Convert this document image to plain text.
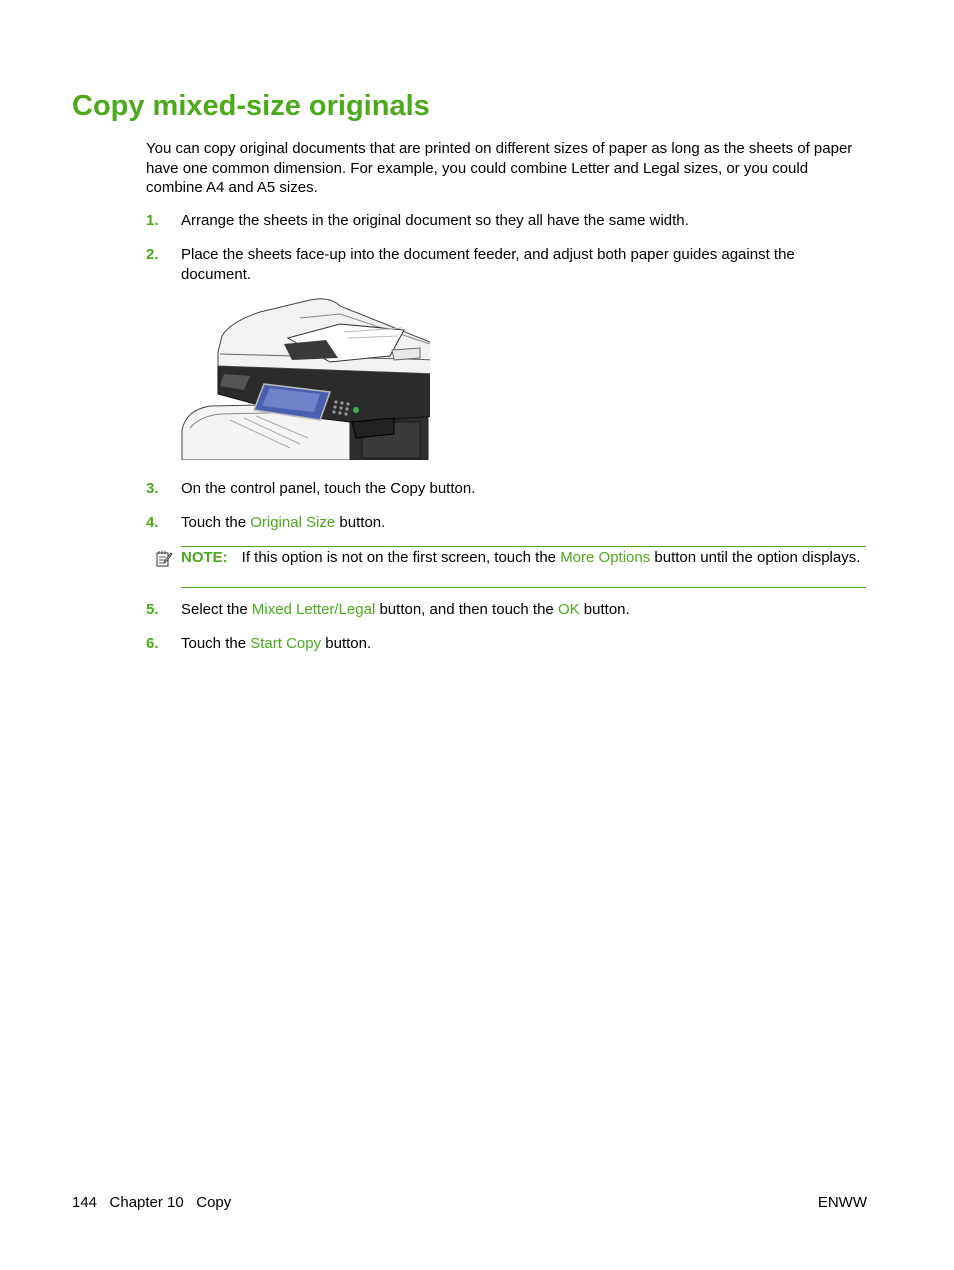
Copy mixed-size originals
You can copy original documents that are printed on different sizes of paper as long as the sheets of paper have one common dimension. For example, you could combine Letter and Legal sizes, or you could combine A4 and A5 sizes.
1.	Arrange the sheets in the original document so they all have the same width.
2.	Place the sheets face-up into the document feeder, and adjust both paper guides against the document.
3.	On the control panel, touch the Copy button.
4.	Touch the Original Size button.
NOTE: If this option is not on the first screen, touch the More Options button until the option displays.
5.	Select the Mixed Letter/Legal button, and then touch the OK button.
6.	Touch the Start Copy button.
144   Chapter 10   Copy	ENWW
